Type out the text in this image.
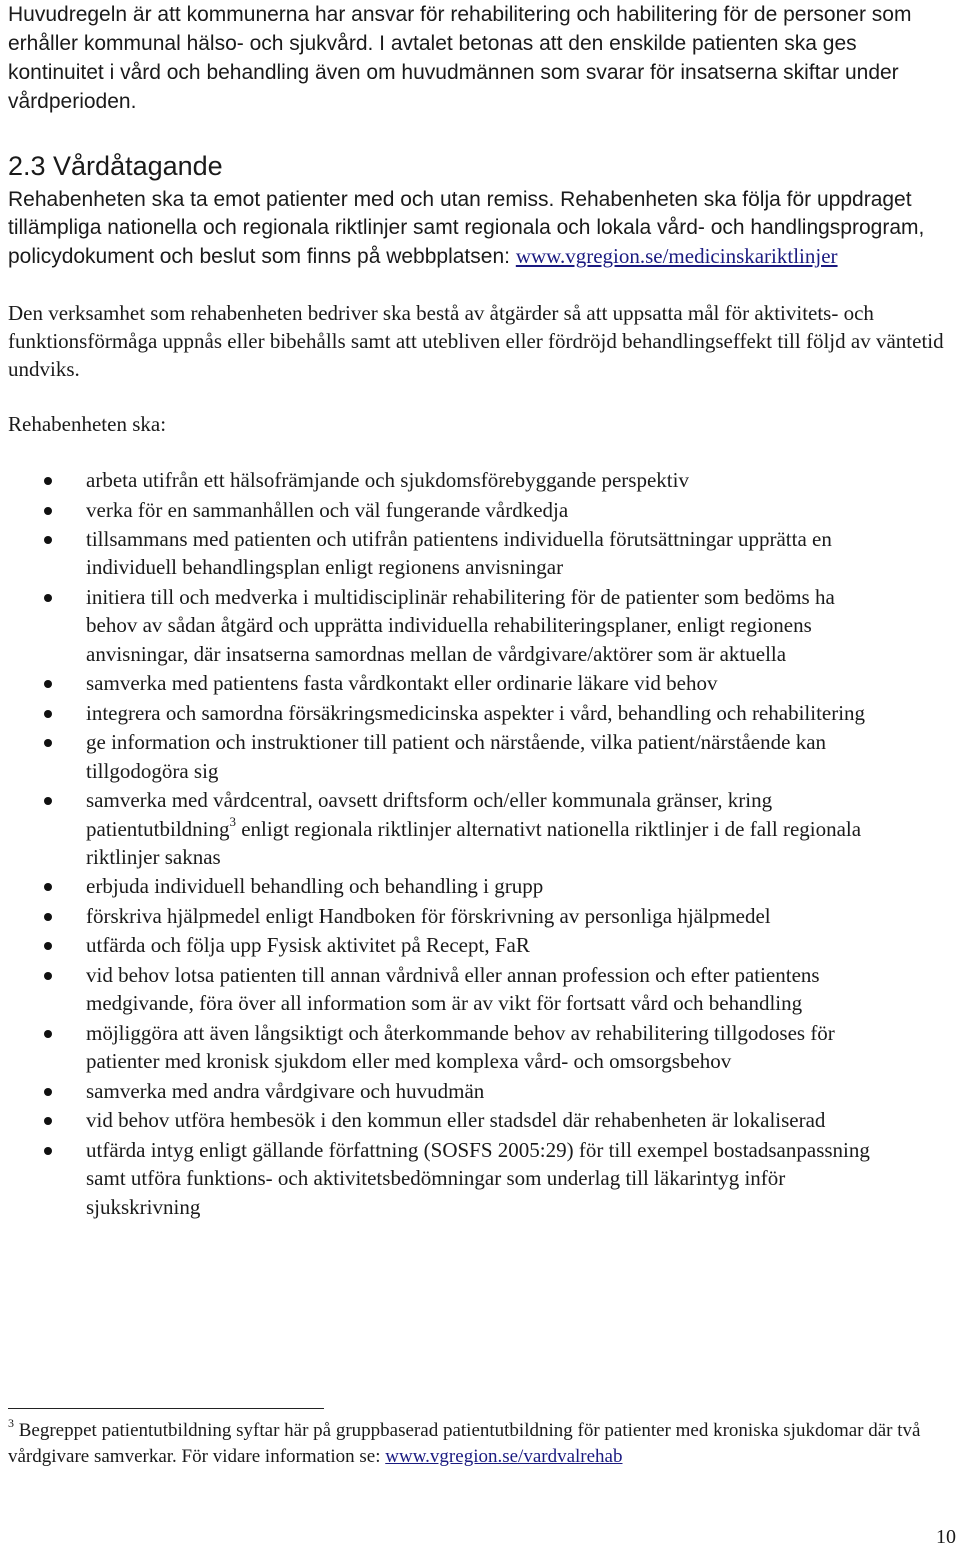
Huvudregeln är att kommunerna har ansvar för rehabilitering och habilitering för de personer som erhåller kommunal hälso- och sjukvård. I avtalet betonas att den enskilde patienten ska ges kontinuitet i vård och behandling även om huvudmännen som svarar för insatserna skiftar under vårdperioden.
2.3 Vårdåtagande
Rehabenheten ska ta emot patienter med och utan remiss. Rehabenheten ska följa för uppdraget tillämpliga nationella och regionala riktlinjer samt regionala och lokala vård- och handlingsprogram, policydokument och beslut som finns på webbplatsen: www.vgregion.se/medicinskariktlinjer
Den verksamhet som rehabenheten bedriver ska bestå av åtgärder så att uppsatta mål för aktivitets- och funktionsförmåga uppnås eller bibehålls samt att utebliven eller fördröjd behandlingseffekt till följd av väntetid undviks.
Rehabenheten ska:
arbeta utifrån ett hälsofrämjande och sjukdomsförebyggande perspektiv
verka för en sammanhållen och väl fungerande vårdkedja
tillsammans med patienten och utifrån patientens individuella förutsättningar upprätta en individuell behandlingsplan enligt regionens anvisningar
initiera till och medverka i multidisciplinär rehabilitering för de patienter som bedöms ha behov av sådan åtgärd och upprätta individuella rehabiliteringsplaner, enligt regionens anvisningar, där insatserna samordnas mellan de vårdgivare/aktörer som är aktuella
samverka med patientens fasta vårdkontakt eller ordinarie läkare vid behov
integrera och samordna försäkringsmedicinska aspekter i vård, behandling och rehabilitering
ge information och instruktioner till patient och närstående, vilka patient/närstående kan tillgodogöra sig
samverka med vårdcentral, oavsett driftsform och/eller kommunala gränser, kring patientutbildning$^3$ enligt regionala riktlinjer alternativt nationella riktlinjer i de fall regionala riktlinjer saknas
erbjuda individuell behandling och behandling i grupp
förskriva hjälpmedel enligt Handboken för förskrivning av personliga hjälpmedel
utfärda och följa upp Fysisk aktivitet på Recept, FaR
vid behov lotsa patienten till annan vårdnivå eller annan profession och efter patientens medgivande, föra över all information som är av vikt för fortsatt vård och behandling
möjliggöra att även långsiktigt och återkommande behov av rehabilitering tillgodoses för patienter med kronisk sjukdom eller med komplexa vård- och omsorgsbehov
samverka med andra vårdgivare och huvudmän
vid behov utföra hembesök i den kommun eller stadsdel där rehabenheten är lokaliserad
utfärda intyg enligt gällande författning (SOSFS 2005:29) för till exempel bostadsanpassning samt utföra funktions- och aktivitetsbedömningar som underlag till läkarintyg inför sjukskrivning
$^3$ Begreppet patientutbildning syftar här på gruppbaserad patientutbildning för patienter med kroniska sjukdomar där två vårdgivare samverkar. För vidare information se: www.vgregion.se/vardvalrehab
10
